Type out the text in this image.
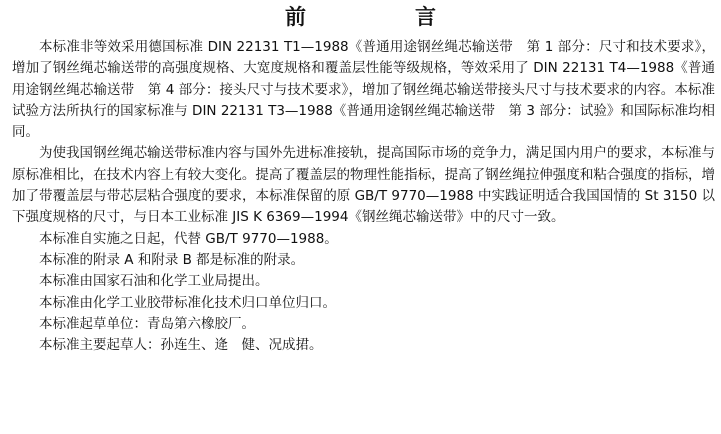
前　言

本标准非等效采用德国标准 DIN 22131 T1—1988《普通用途钢丝绳芯输送带　第 1 部分：尺寸和技术要求》，增加了钢丝绳芯输送带的高强度规格、大宽度规格和覆盖层性能等级规格，等效采用了 DIN 22131 T4—1988《普通用途钢丝绳芯输送带　第 4 部分：接头尺寸与技术要求》，增加了钢丝绳芯输送带接头尺寸与技术要求的内容。本标准试验方法所执行的国家标准与 DIN 22131 T3—1988《普通用途钢丝绳芯输送带　第 3 部分：试验》和国际标准均相同。

为使我国钢丝绳芯输送带标准内容与国外先进标准接轨，提高国际市场的竞争力，满足国内用户的要求，本标准与原标准相比，在技术内容上有较大变化。提高了覆盖层的物理性能指标，提高了钢丝绳拉伸强度和粘合强度的指标，增加了带覆盖层与带芯层粘合强度的要求，本标准保留的原 GB/T 9770—1988 中实践证明适合我国国情的 St 3150 以下强度规格的尺寸，与日本工业标准 JIS K 6369—1994《钢丝绳芯输送带》中的尺寸一致。

本标准自实施之日起，代替 GB/T 9770—1988。

本标准的附录 A 和附录 B 都是标准的附录。

本标准由国家石油和化学工业局提出。

本标准由化学工业胶带标准化技术归口单位归口。

本标准起草单位：青岛第六橡胶厂。

本标准主要起草人：孙连生、逄　健、况成捃。
